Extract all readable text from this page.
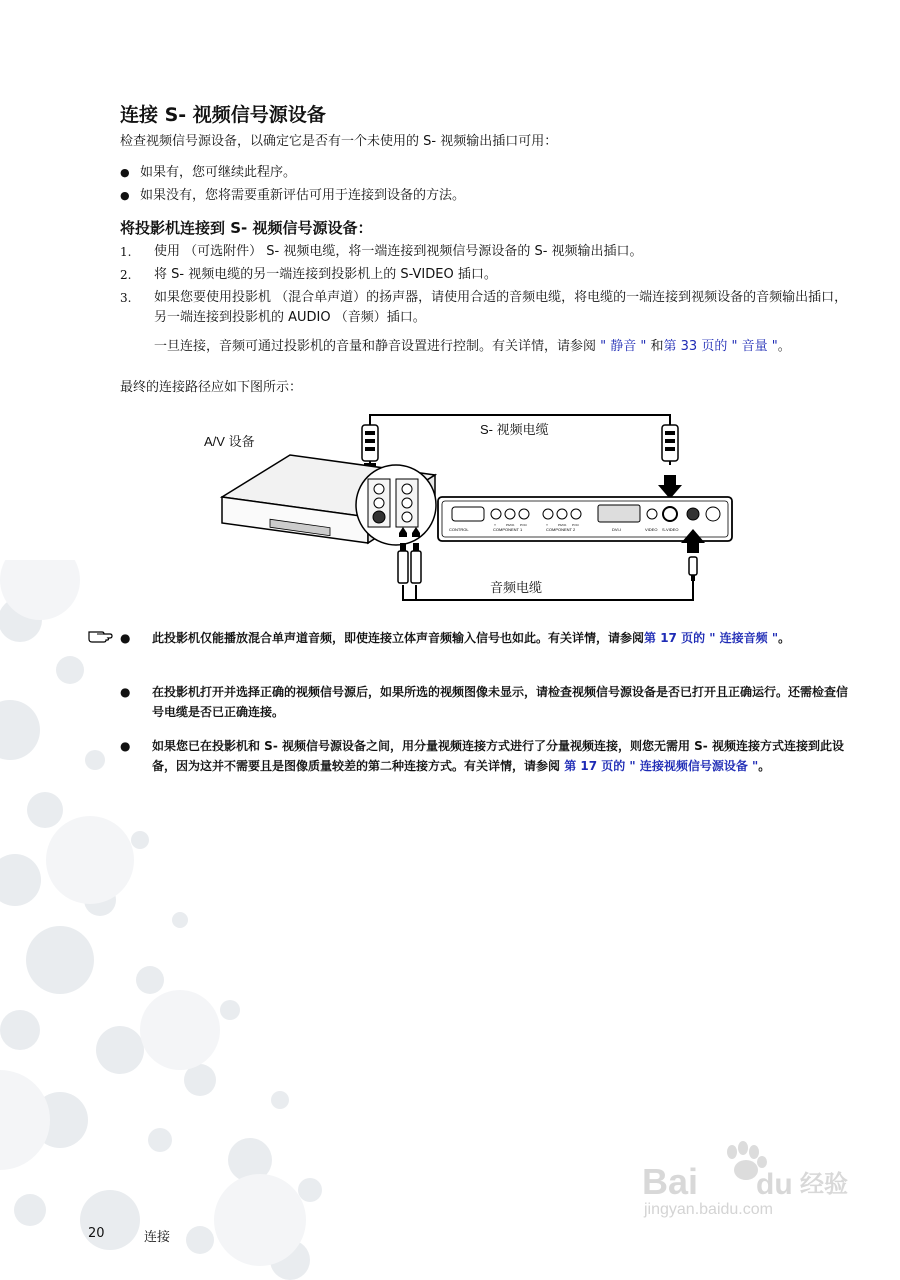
连接 S- 视频信号源设备

检查视频信号源设备，以确定它是否有一个未使用的 S- 视频输出插口可用：

● 如果有，您可继续此程序。
● 如果没有，您将需要重新评估可用于连接到设备的方法。
将投影机连接到 S- 视频信号源设备：
1. 使用 （可选附件） S- 视频电缆，将一端连接到视频信号源设备的 S- 视频输出插口。
2. 将 S- 视频电缆的另一端连接到投影机上的 S-VIDEO 插口。
3. 如果您要使用投影机 （混合单声道）的扬声器，请使用合适的音频电缆，将电缆的一端连接到视频设备的音频输出插口，另一端连接到投影机的 AUDIO （音频）插口。
一旦连接，音频可通过投影机的音量和静音设置进行控制。有关详情，请参阅 " 静音 " 和第 33 页的 " 音量 "。

最终的连接路径应如下图所示：

CONTROL	COMPONENT 1	COMPONENT 2	DVI-I	VIDEO S-VIDEO
Y	Pb/Cb Pr/Cr	Y	Pb/Cb Pr/Cr
A/V 设备
S- 视频电缆
音频电缆
●	此投影机仅能播放混合单声道音频，即使连接立体声音频输入信号也如此。有关详情，请参阅第 17 页的 " 连接音频 "。
●	在投影机打开并选择正确的视频信号源后，如果所选的视频图像未显示，请检查视频信号源设备是否已打开且正确运行。还需检查信号电缆是否已正确连接。
●	如果您已在投影机和 S- 视频信号源设备之间，用分量视频连接方式进行了分量视频连接，则您无需用 S- 视频连接方式连接到此设备，因为这并不需要且是图像质量较差的第二种连接方式。有关详情，请参阅 第 17 页的 " 连接视频信号源设备 "。
Bai du 经验
jingyan.baidu.com
20	连接
